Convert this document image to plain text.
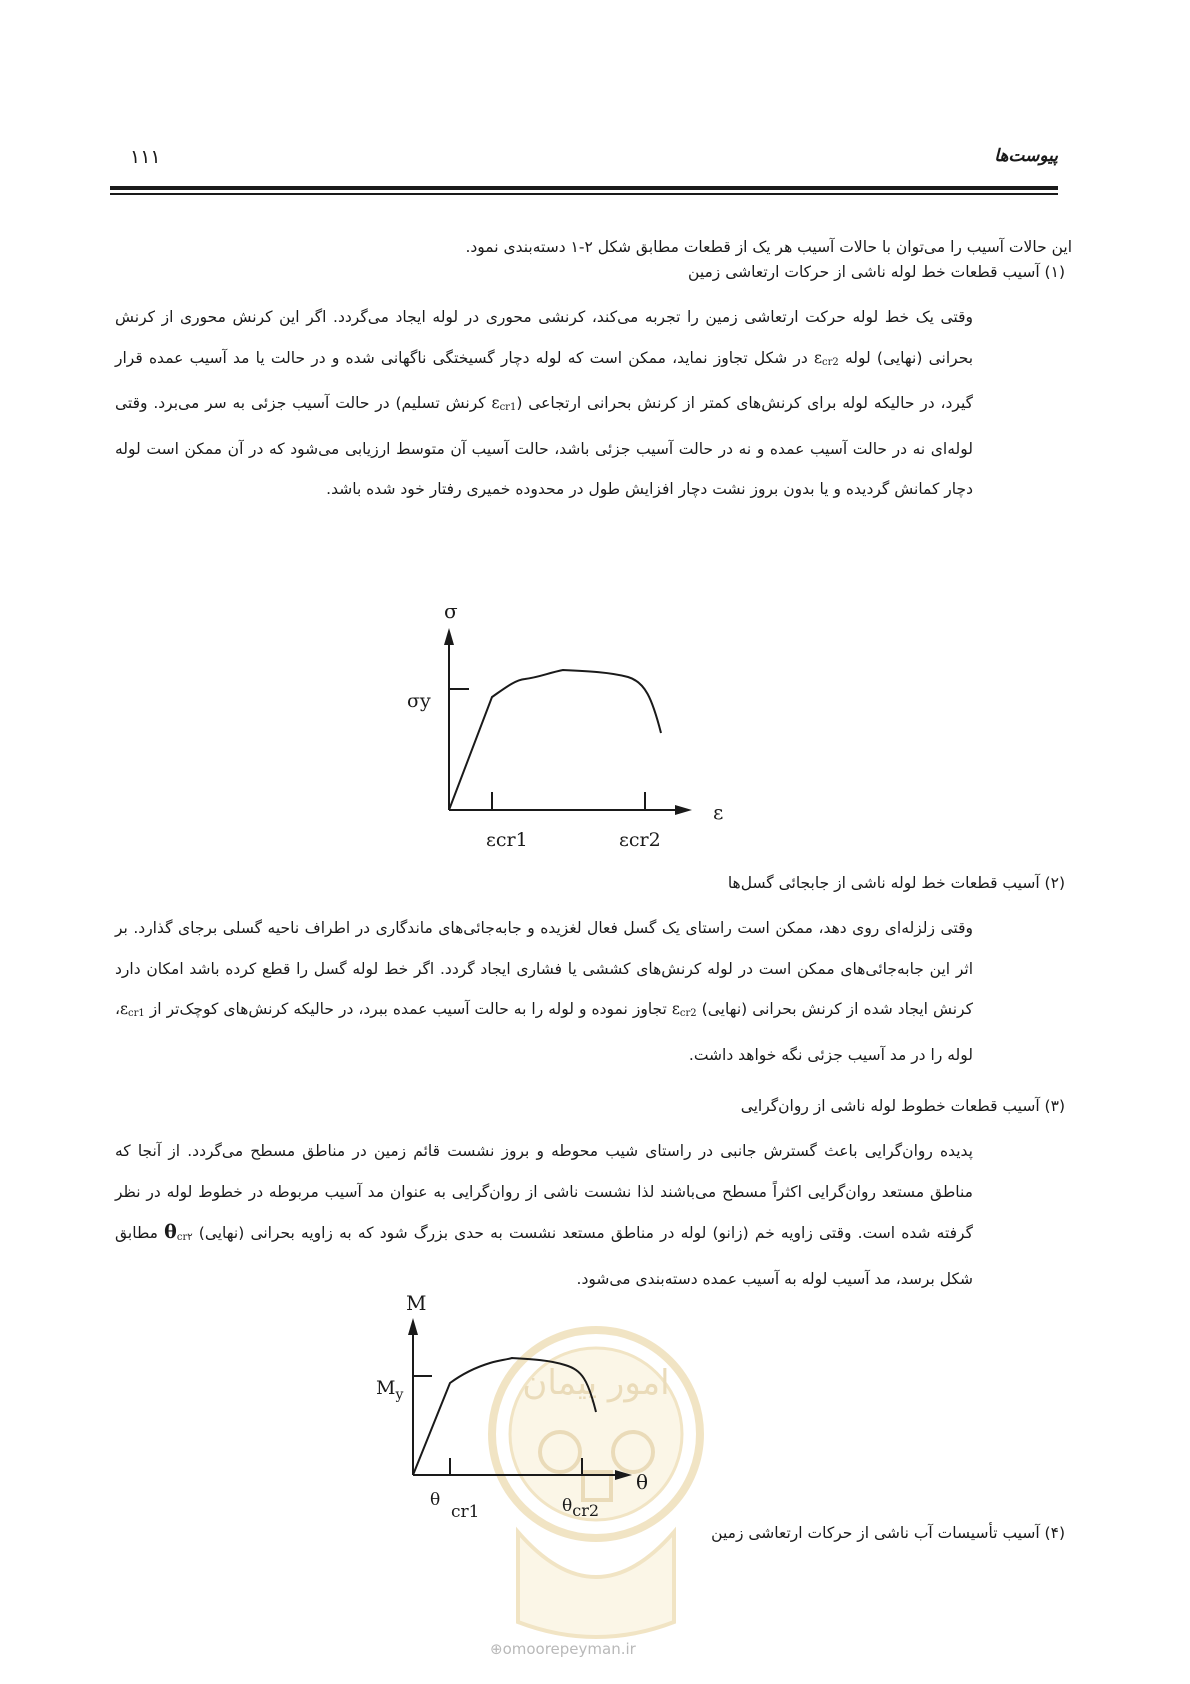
۱۱۱	پیوست‌ها
این حالات آسیب را می‌توان با حالات آسیب هر یک از قطعات مطابق شکل ۲-۱ دسته‌بندی نمود.
(۱) آسیب قطعات خط لوله ناشی از حرکات ارتعاشی زمین
وقتی یک خط لوله حرکت ارتعاشی زمین را تجربه می‌کند، کرنشی محوری در لوله ایجاد می‌گردد. اگر این کرنش محوری از کرنش بحرانی (نهایی) لوله $\varepsilon_{cr2}$ در شکل تجاوز نماید، ممکن است که لوله دچار گسیختگی ناگهانی شده و در حالت یا مد آسیب عمده قرار گیرد، در حالیکه لوله برای کرنش‌های کمتر از کرنش بحرانی ارتجاعی ($\varepsilon_{cr1}$ کرنش تسلیم) در حالت آسیب جزئی به سر می‌برد. وقتی لوله‌ای نه در حالت آسیب عمده و نه در حالت آسیب جزئی باشد، حالت آسیب آن متوسط ارزیابی می‌شود که در آن ممکن است لوله دچار کمانش گردیده و یا بدون بروز نشت دچار افزایش طول در محدوده خمیری رفتار خود شده باشد.
σ
σy
ε
εcr1	εcr2
(۲) آسیب قطعات خط لوله ناشی از جابجائی گسل‌ها
وقتی زلزله‌ای روی دهد، ممکن است راستای یک گسل فعال لغزیده و جابه‌جائی‌های ماندگاری در اطراف ناحیه گسلی برجای گذارد. بر اثر این جابه‌جائی‌های ممکن است در لوله کرنش‌های کششی یا فشاری ایجاد گردد. اگر خط لوله گسل را قطع کرده باشد امکان دارد کرنش ایجاد شده از کرنش بحرانی (نهایی) $\varepsilon_{cr2}$ تجاوز نموده و لوله را به حالت آسیب عمده ببرد، در حالیکه کرنش‌های کوچک‌تر از $\varepsilon_{cr1}،$ لوله را در مد آسیب جزئی نگه خواهد داشت.
(۳) آسیب قطعات خطوط لوله ناشی از روان‌گرایی
پدیده روان‌گرایی باعث گسترش جانبی در راستای شیب محوطه و بروز نشست قائم زمین در مناطق مسطح می‌گردد. از آنجا که مناطق مستعد روان‌گرایی اکثراً مسطح می‌باشند لذا نشست ناشی از روان‌گرایی به عنوان مد آسیب مربوطه در خطوط لوله در نظر گرفته شده است. وقتی زاویه خم (زانو) لوله در مناطق مستعد نشست به حدی بزرگ شود که به زاویه بحرانی (نهایی) $\theta_{cr۲}$ مطابق شکل برسد، مد آسیب لوله به آسیب عمده دسته‌بندی می‌شود.
امور پیمان
M
$M_y$
θ
θ
cr1	θcr2
(۴) آسیب تأسیسات آب ناشی از حرکات ارتعاشی زمین
⊕omoorepeyman.ir
